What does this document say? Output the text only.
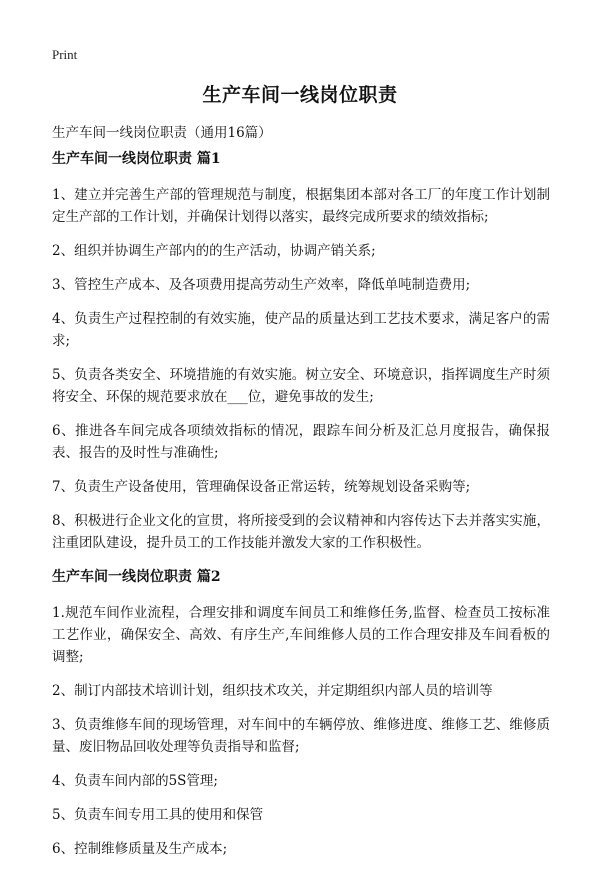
Print
生产车间一线岗位职责
生产车间一线岗位职责（通用16篇）
生产车间一线岗位职责 篇1

1、建立并完善生产部的管理规范与制度，根据集团本部对各工厂的年度工作计划制定生产部的工作计划，并确保计划得以落实，最终完成所要求的绩效指标;

2、组织并协调生产部内的的生产活动，协调产销关系;

3、管控生产成本、及各项费用提高劳动生产效率，降低单吨制造费用;

4、负责生产过程控制的有效实施，使产品的质量达到工艺技术要求，满足客户的需求;

5、负责各类安全、环境措施的有效实施。树立安全、环境意识，指挥调度生产时须将安全、环保的规范要求放在___位，避免事故的发生;

6、推进各车间完成各项绩效指标的情况，跟踪车间分析及汇总月度报告，确保报表、报告的及时性与准确性;

7、负责生产设备使用，管理确保设备正常运转，统筹规划设备采购等;

8、积极进行企业文化的宣贯，将所接受到的会议精神和内容传达下去并落实实施，注重团队建设，提升员工的工作技能并激发大家的工作积极性。

生产车间一线岗位职责 篇2

1.规范车间作业流程，合理安排和调度车间员工和维修任务,监督、检查员工按标准工艺作业，确保安全、高效、有序生产,车间维修人员的工作合理安排及车间看板的调整;

2、制订内部技术培训计划，组织技术攻关，并定期组织内部人员的培训等

3、负责维修车间的现场管理，对车间中的车辆停放、维修进度、维修工艺、维修质量、废旧物品回收处理等负责指导和监督;

4、负责车间内部的5S管理;

5、负责车间专用工具的使用和保管

6、控制维修质量及生产成本;
